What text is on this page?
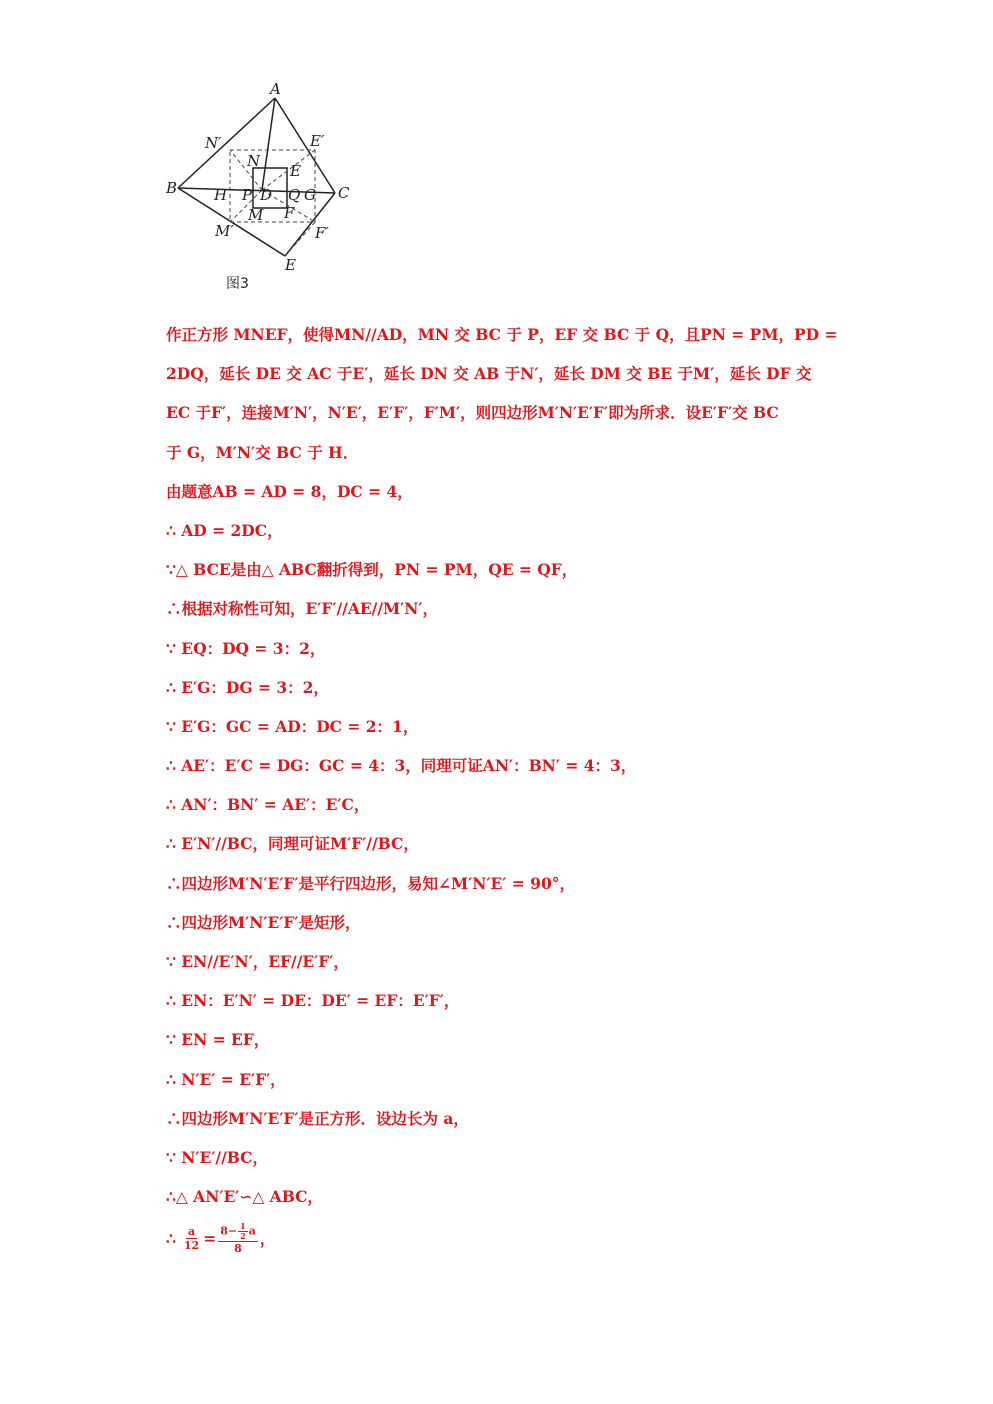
A
B	C
E
N′	E′
M′	F′
N
E
H P D Q G
M F
图3
作正方形 MNEF，使得MN//AD，MN 交 BC 于 P，EF 交 BC 于 Q，且PN = PM，PD =
2DQ，延长 DE 交 AC 于E′，延长 DN 交 AB 于N′，延长 DM 交 BE 于M′，延长 DF 交
EC 于F′，连接M′N′，N′E′，E′F′，F′M′，则四边形M′N′E′F′即为所求．设E′F′交 BC
于 G，M′N′交 BC 于 H．
由题意AB = AD = 8，DC = 4，
∴ AD = 2DC，
∵△ BCE是由△ ABC翻折得到，PN = PM，QE = QF，
∴根据对称性可知，E′F′//AE//M′N′，
∵ EQ：DQ = 3：2，
∴ E′G：DG = 3：2，
∵ E′G：GC = AD：DC = 2：1，
∴ AE′：E′C = DG：GC = 4：3，同理可证AN′：BN′ = 4：3，
∴ AN′：BN′ = AE′：E′C，
∴ E′N′//BC，同理可证M′F′//BC，
∴四边形M′N′E′F′是平行四边形，易知∠M′N′E′ = 90°，
∴四边形M′N′E′F′是矩形，
∵ EN//E′N′，EF//E′F′，
∴ EN：E′N′ = DE：DE′ = EF：E′F′，
∵ EN = EF，
∴ N′E′ = E′F′，
∴四边形M′N′E′F′是正方形．设边长为 a，
∵ N′E′//BC，
∴△ AN′E′∽△ ABC，
∴ $\frac{a}{12} = \frac{8- \frac{1}{2} a}{8}$ ，
